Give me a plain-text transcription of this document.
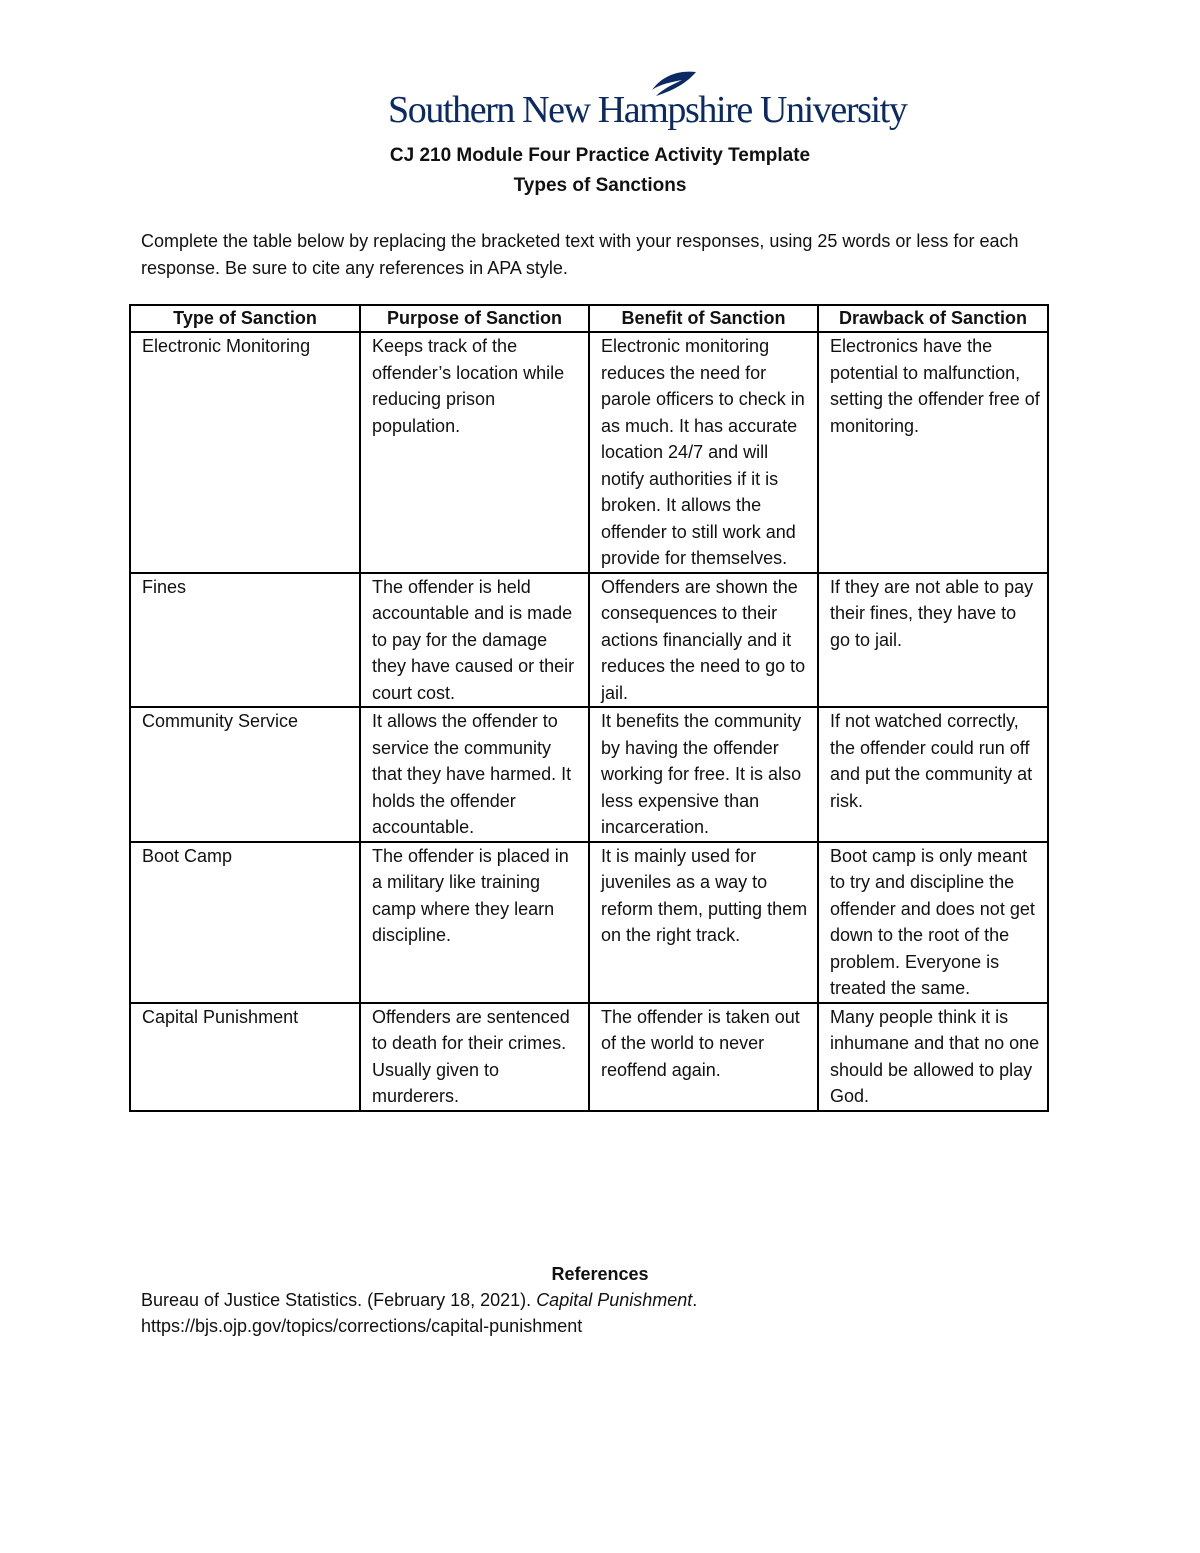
Southern New Hampshire University
CJ 210 Module Four Practice Activity Template
Types of Sanctions
Complete the table below by replacing the bracketed text with your responses, using 25 words or less for each response. Be sure to cite any references in APA style.
Type of Sanction	Purpose of Sanction	Benefit of Sanction	Drawback of Sanction
Electronic Monitoring	Keeps track of the offender’s location while reducing prison population.	Electronic monitoring reduces the need for parole officers to check in as much. It has accurate location 24/7 and will notify authorities if it is broken. It allows the offender to still work and provide for themselves.	Electronics have the potential to malfunction, setting the offender free of monitoring.
Fines	The offender is held accountable and is made to pay for the damage they have caused or their court cost.	Offenders are shown the consequences to their actions financially and it reduces the need to go to jail.	If they are not able to pay their fines, they have to go to jail.
Community Service	It allows the offender to service the community that they have harmed. It holds the offender accountable.	It benefits the community by having the offender working for free. It is also less expensive than incarceration.	If not watched correctly, the offender could run off and put the community at risk.
Boot Camp	The offender is placed in a military like training camp where they learn discipline.	It is mainly used for juveniles as a way to reform them, putting them on the right track.	Boot camp is only meant to try and discipline the offender and does not get down to the root of the problem. Everyone is treated the same.
Capital Punishment	Offenders are sentenced to death for their crimes. Usually given to murderers.	The offender is taken out of the world to never reoffend again.	Many people think it is inhumane and that no one should be allowed to play God.
References
Bureau of Justice Statistics. (February 18, 2021). Capital Punishment.
https://bjs.ojp.gov/topics/corrections/capital-punishment
